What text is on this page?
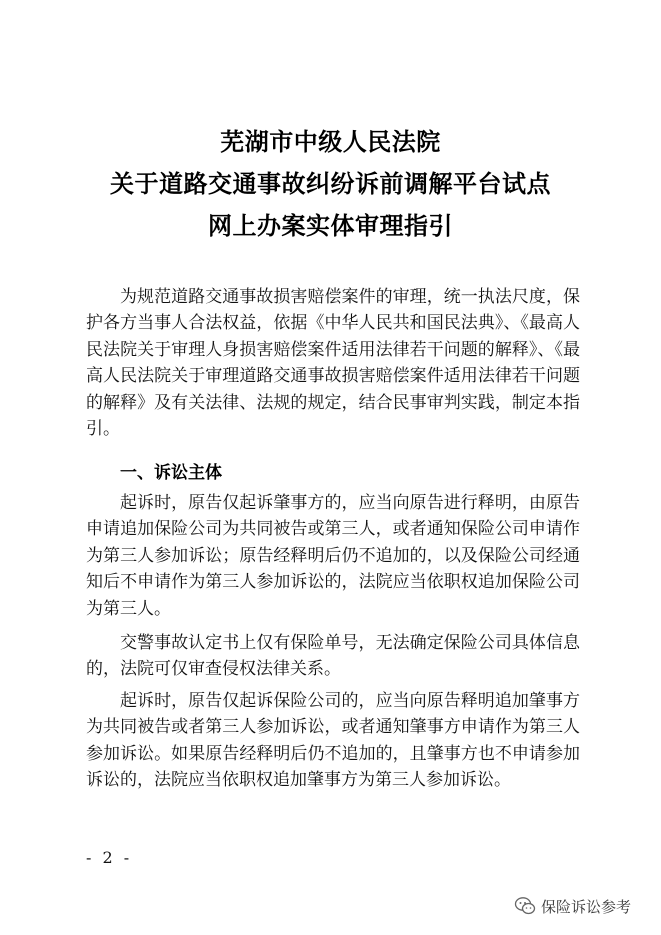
芜湖市中级人民法院
关于道路交通事故纠纷诉前调解平台试点
网上办案实体审理指引

为规范道路交通事故损害赔偿案件的审理，统一执法尺度，保护各方当事人合法权益，依据《中华人民共和国民法典》、《最高人民法院关于审理人身损害赔偿案件适用法律若干问题的解释》、《最高人民法院关于审理道路交通事故损害赔偿案件适用法律若干问题的解释》及有关法律、法规的规定，结合民事审判实践，制定本指引。

一、诉讼主体

起诉时，原告仅起诉肇事方的，应当向原告进行释明，由原告申请追加保险公司为共同被告或第三人，或者通知保险公司申请作为第三人参加诉讼；原告经释明后仍不追加的，以及保险公司经通知后不申请作为第三人参加诉讼的，法院应当依职权追加保险公司为第三人。

交警事故认定书上仅有保险单号，无法确定保险公司具体信息的，法院可仅审查侵权法律关系。

起诉时，原告仅起诉保险公司的，应当向原告释明追加肇事方为共同被告或者第三人参加诉讼，或者通知肇事方申请作为第三人参加诉讼。如果原告经释明后仍不追加的，且肇事方也不申请参加诉讼的，法院应当依职权追加肇事方为第三人参加诉讼。

- 2 -
保险诉讼参考
